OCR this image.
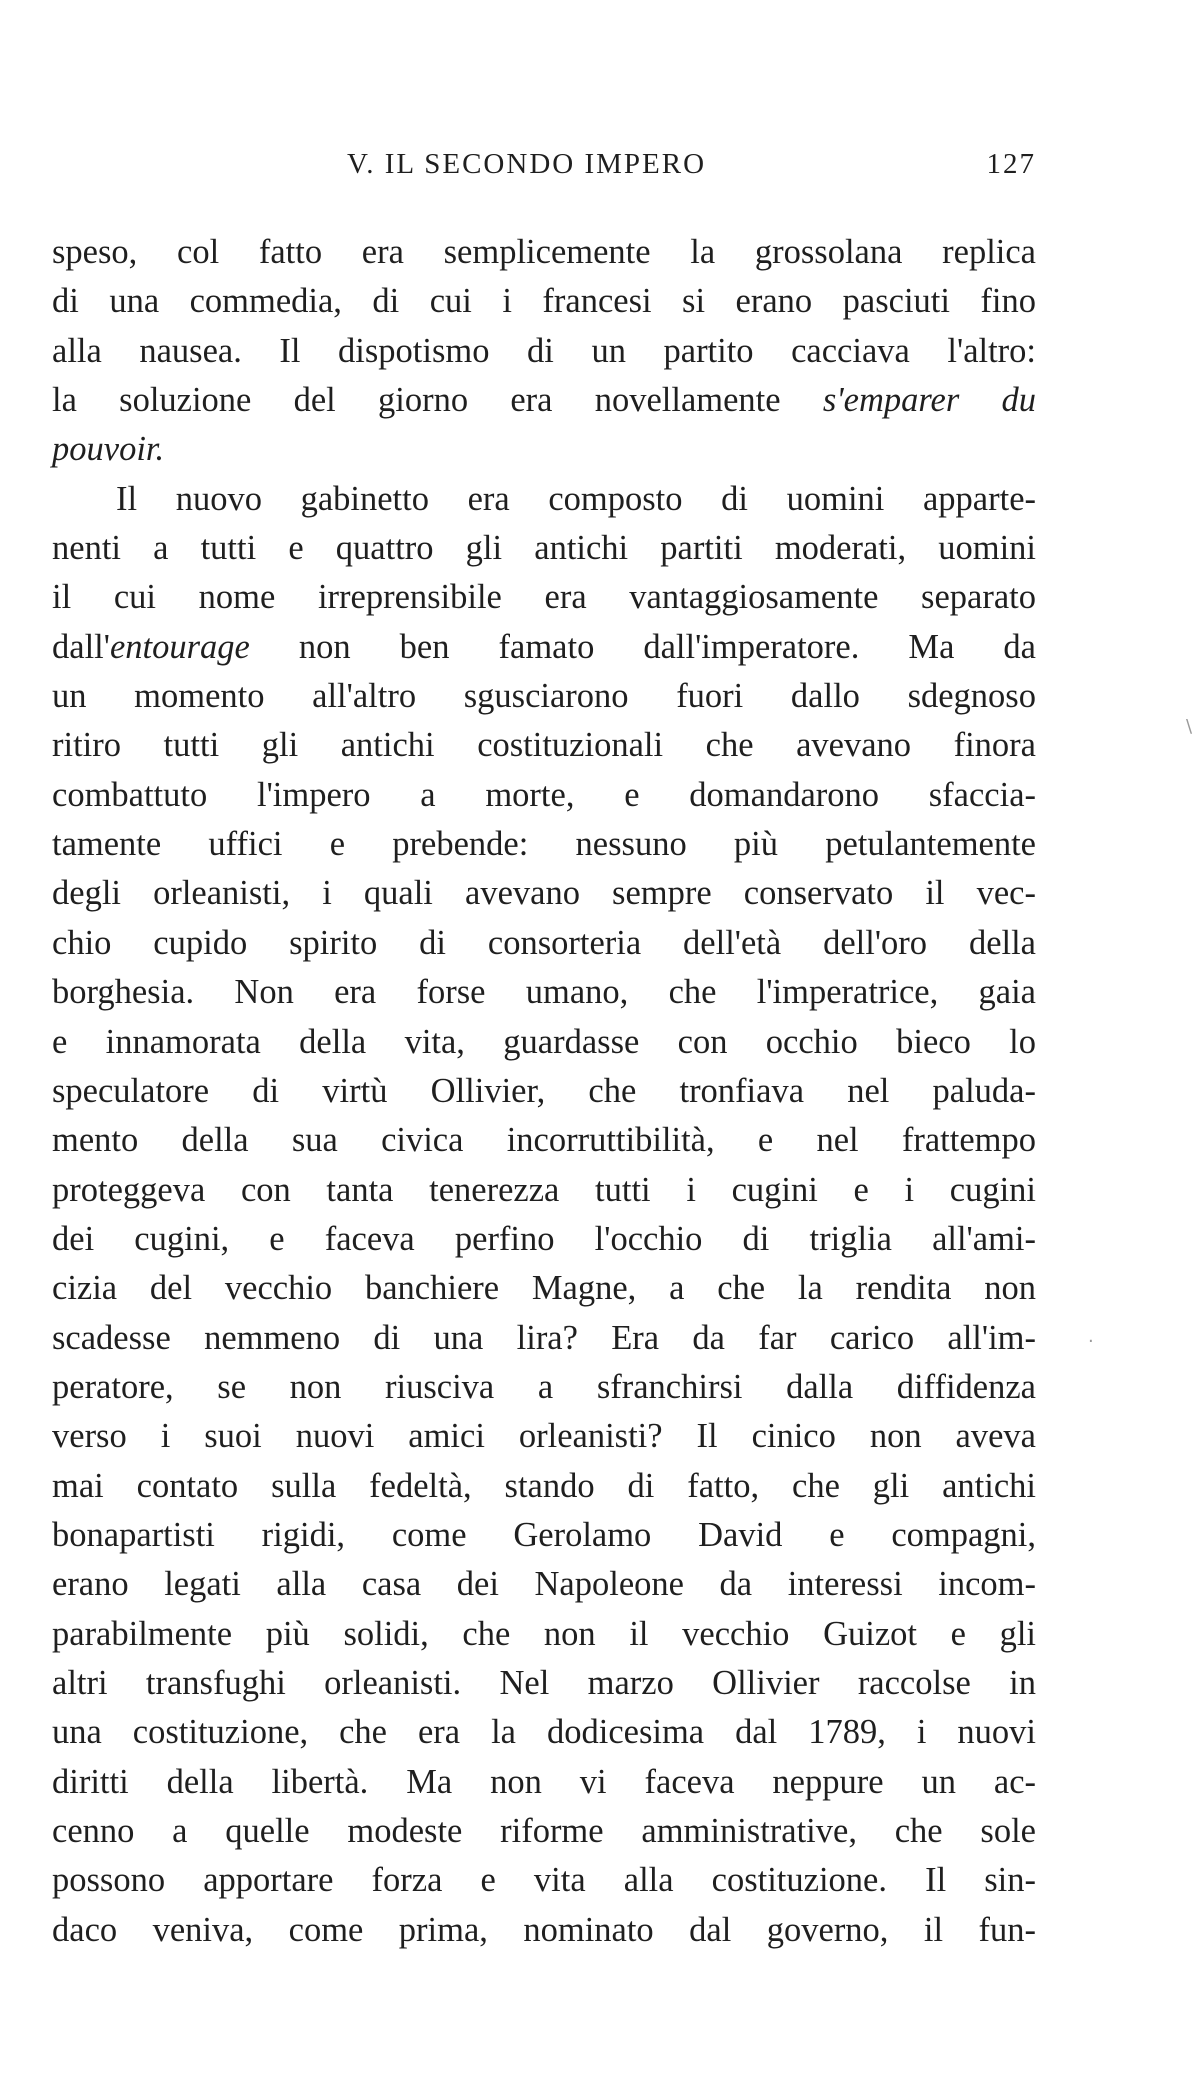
V. IL SECONDO IMPERO	127
speso, col fatto era semplicemente la grossolana replica
di una commedia, di cui i francesi si erano pasciuti fino
alla nausea. Il dispotismo di un partito cacciava l'altro:
la soluzione del giorno era novellamente s'emparer du
pouvoir.
Il nuovo gabinetto era composto di uomini apparte-
nenti a tutti e quattro gli antichi partiti moderati, uomini
il cui nome irreprensibile era vantaggiosamente separato
dall'entourage non ben famato dall'imperatore. Ma da
un momento all'altro sgusciarono fuori dallo sdegnoso
ritiro tutti gli antichi costituzionali che avevano finora
combattuto l'impero a morte, e domandarono sfaccia-
tamente uffici e prebende: nessuno più petulantemente
degli orleanisti, i quali avevano sempre conservato il vec-
chio cupido spirito di consorteria dell'età dell'oro della
borghesia. Non era forse umano, che l'imperatrice, gaia
e innamorata della vita, guardasse con occhio bieco lo
speculatore di virtù Ollivier, che tronfiava nel paluda-
mento della sua civica incorruttibilità, e nel frattempo
proteggeva con tanta tenerezza tutti i cugini e i cugini
dei cugini, e faceva perfino l'occhio di triglia all'ami-
cizia del vecchio banchiere Magne, a che la rendita non
scadesse nemmeno di una lira? Era da far carico all'im-
peratore, se non riusciva a sfranchirsi dalla diffidenza
verso i suoi nuovi amici orleanisti? Il cinico non aveva
mai contato sulla fedeltà, stando di fatto, che gli antichi
bonapartisti rigidi, come Gerolamo David e compagni,
erano legati alla casa dei Napoleone da interessi incom-
parabilmente più solidi, che non il vecchio Guizot e gli
altri transfughi orleanisti. Nel marzo Ollivier raccolse in
una costituzione, che era la dodicesima dal 1789, i nuovi
diritti della libertà. Ma non vi faceva neppure un ac-
cenno a quelle modeste riforme amministrative, che sole
possono apportare forza e vita alla costituzione. Il sin-
daco veniva, come prima, nominato dal governo, il fun-
\
.
